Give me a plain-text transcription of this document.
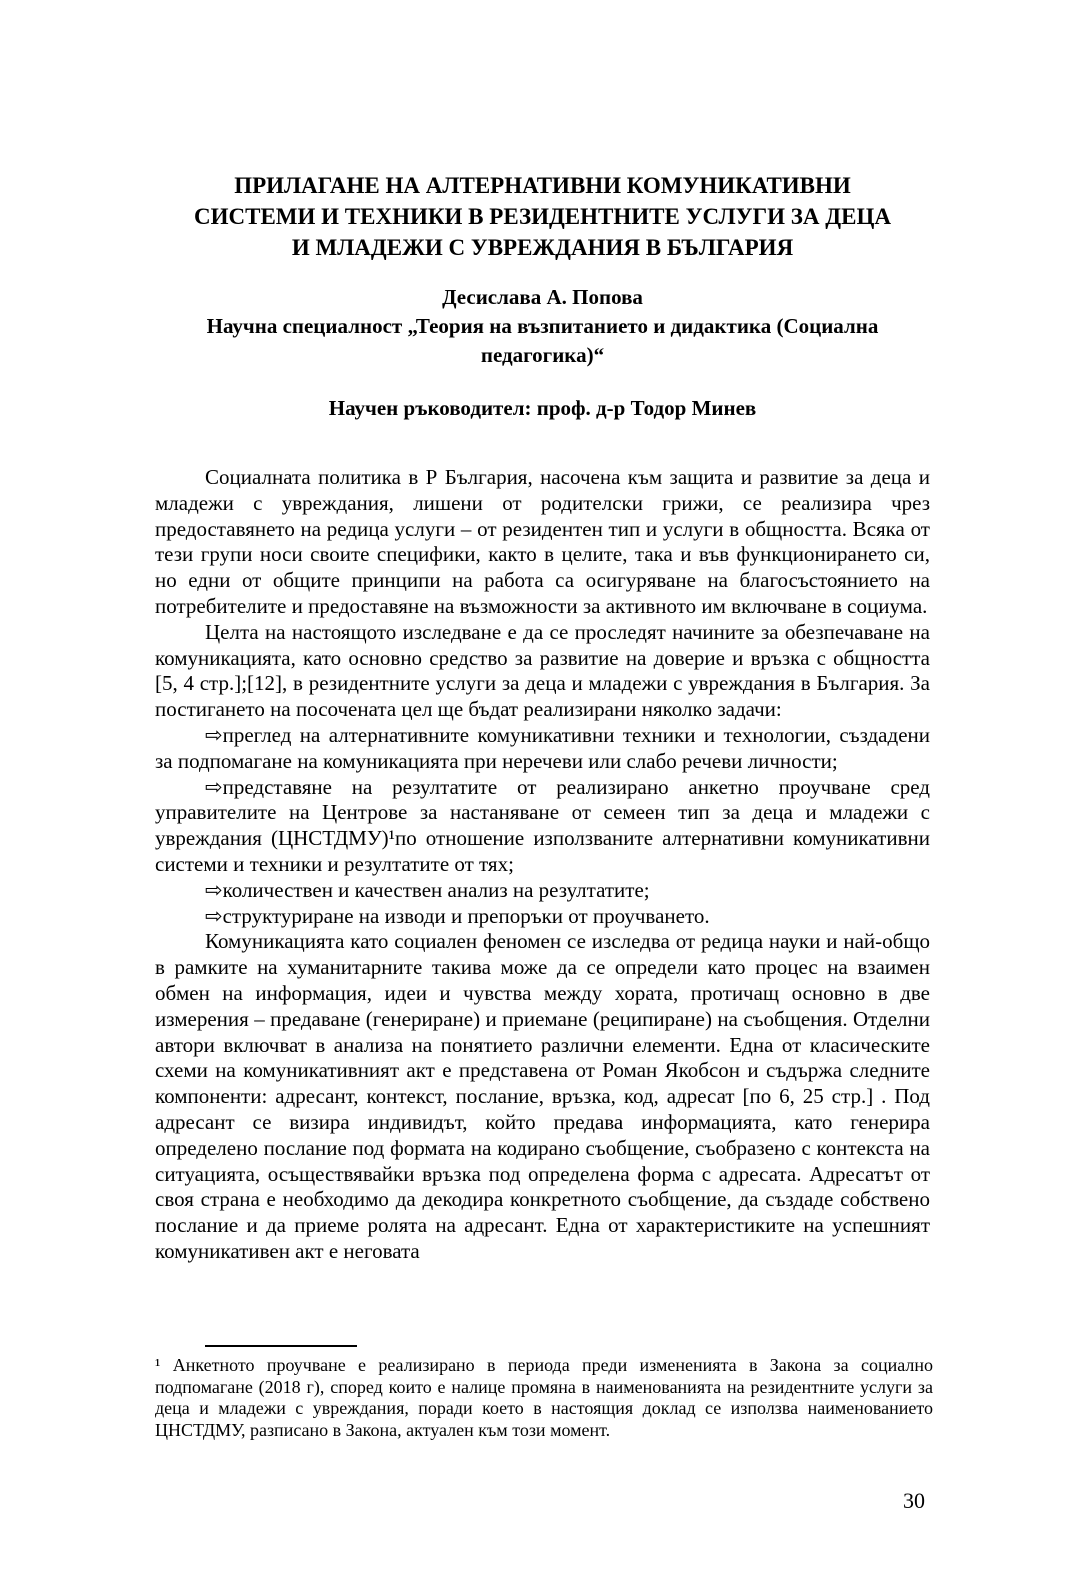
ПРИЛАГАНЕ НА АЛТЕРНАТИВНИ КОМУНИКАТИВНИ
СИСТЕМИ И ТЕХНИКИ В РЕЗИДЕНТНИТЕ УСЛУГИ ЗА ДЕЦА
И МЛАДЕЖИ С УВРЕЖДАНИЯ В БЪЛГАРИЯ
Десислава А. Попова
Научна специалност „Теория на възпитанието и дидактика (Социална педагогика)“
Научен ръководител: проф. д-р Тодор Минев

Социалната политика в Р България, насочена към защита и развитие за деца и младежи с увреждания, лишени от родителски грижи, се реализира чрез предоставянето на редица услуги – от резидентен тип и услуги в общността. Всяка от тези групи носи своите специфики, както в целите, така и във функционирането си, но едни от общите принципи на работа са осигуряване на благосъстоянието на потребителите и предоставяне на възможности за активното им включване в социума.

Целта на настоящото изследване е да се проследят начините за обезпечаване на комуникацията, като основно средство за развитие на доверие и връзка с общността [5, 4 стр.];[12], в резидентните услуги за деца и младежи с увреждания в България. За постигането на посочената цел ще бъдат реализирани няколко задачи:

⇨преглед на алтернативните комуникативни техники и технологии, създадени за подпомагане на комуникацията при неречеви или слабо речеви личности;

⇨представяне на резултатите от реализирано анкетно проучване сред управителите на Центрове за настаняване от семеен тип за деца и младежи с увреждания (ЦНСТДМУ)¹по отношение използваните алтернативни комуникативни системи и техники и резултатите от тях;

⇨количествен и качествен анализ на резултатите;

⇨структуриране на изводи и препоръки от проучването.

Комуникацията като социален феномен се изследва от редица науки и най-общо в рамките на хуманитарните такива може да се определи като процес на взаимен обмен на информация, идеи и чувства между хората, протичащ основно в две измерения – предаване (генериране) и приемане (реципиране) на съобщения. Отделни автори включват в анализа на понятието различни елементи. Една от класическите схеми на комуникативният акт е представена от Роман Якобсон и съдържа следните компоненти: адресант, контекст, послание, връзка, код, адресат [по 6, 25 стр.] . Под адресант се визира индивидът, който предава информацията, като генерира определено послание под формата на кодирано съобщение, съобразено с контекста на ситуацията, осъществявайки връзка под определена форма с адресата. Адресатът от своя страна е необходимо да декодира конкретното съобщение, да създаде собствено послание и да приеме ролята на адресант. Една от характеристиките на успешният комуникативен акт е неговата

¹ Анкетното проучване е реализирано в периода преди измененията в Закона за социално подпомагане (2018 г), според които е налице промяна в наименованията на резидентните услуги за деца и младежи с увреждания, поради което в настоящия доклад се използва наименованието ЦНСТДМУ, разписано в Закона, актуален към този момент.
30
